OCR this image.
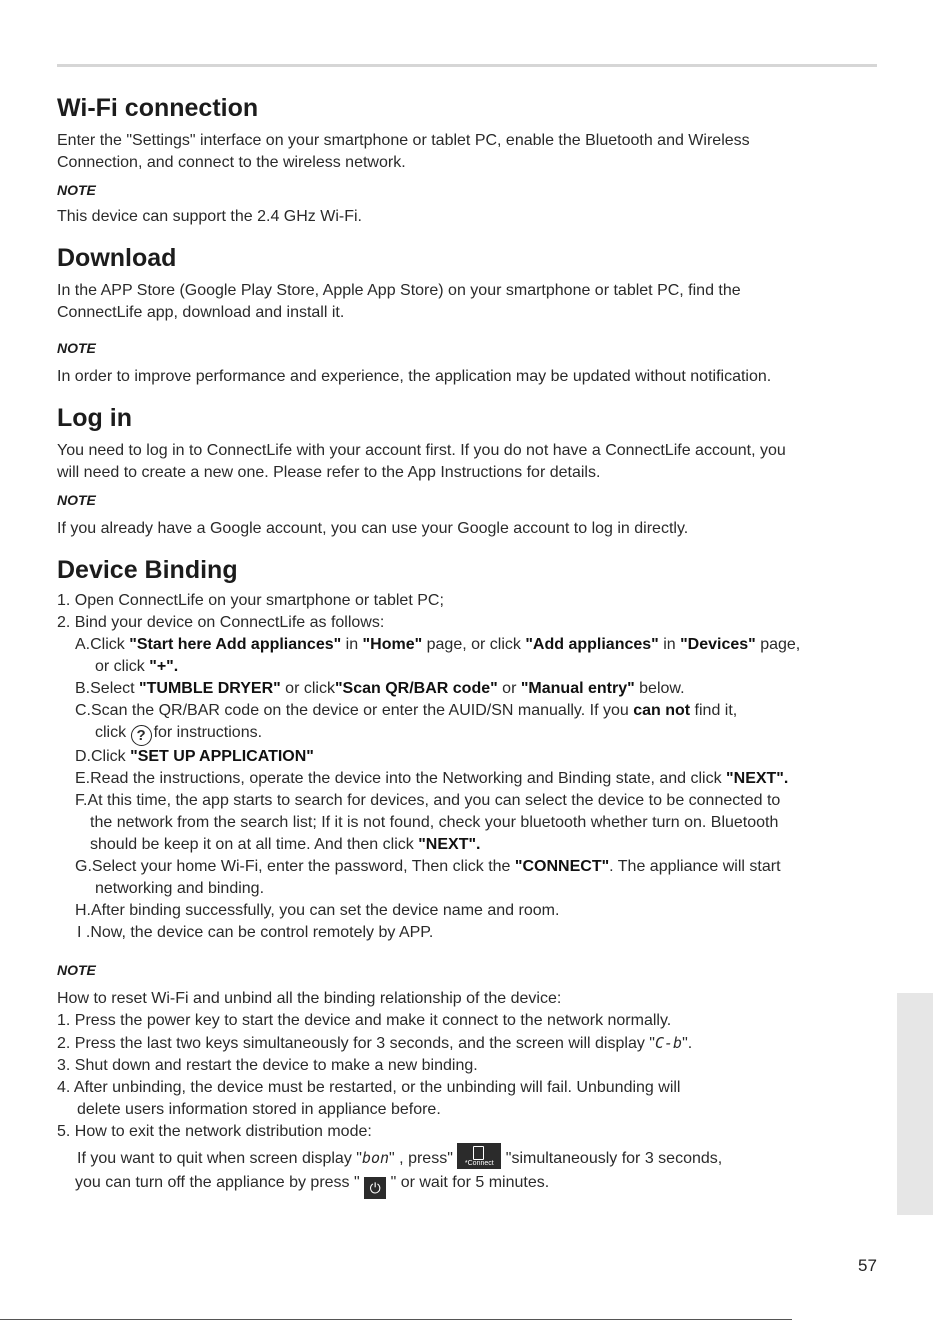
Wi-Fi connection

Enter the "Settings" interface on your smartphone or tablet PC, enable the Bluetooth and Wireless

Connection, and connect to the wireless network.

NOTE

This device can support the 2.4 GHz Wi-Fi.

Download

In the APP Store (Google Play Store, Apple App Store) on your smartphone or tablet PC, find the

ConnectLife app, download and install it.

NOTE

In order to improve performance and experience, the application may be updated without notification.

Log in

You need to log in to ConnectLife with your account first. If you do not have a ConnectLife account, you

will need to create a new one. Please refer to the App Instructions for details.

NOTE

If you already have a Google account, you can use your Google account to log in directly.

Device Binding

1. Open ConnectLife on your smartphone or tablet PC;

2. Bind your device on ConnectLife as follows:

A.Click "Start here Add appliances" in "Home" page, or click "Add appliances" in "Devices" page,

or click "+".

B.Select "TUMBLE DRYER" or click"Scan QR/BAR code" or "Manual entry" below.

C.Scan the QR/BAR code on the device or enter the AUID/SN manually. If you can not find it,

click ? for instructions.

D.Click "SET UP APPLICATION"

E.Read the instructions, operate the device into the Networking and Binding state, and click "NEXT".

F.At this time, the app starts to search for devices, and you can select the device to be connected to

the network from the search list; If it is not found, check your bluetooth whether turn on. Bluetooth

should be keep it on at all time. And then click "NEXT".

G.Select your home Wi-Fi, enter the password, Then click the "CONNECT". The appliance will start

networking and binding.

H.After binding successfully, you can set the device name and room.

I .Now, the device can be control remotely by APP.

NOTE

How to reset Wi-Fi and unbind all the binding relationship of the device:

1. Press the power key to start the device and make it connect to the network normally.

2. Press the last two keys simultaneously for 3 seconds, and the screen will display "C-b".

3. Shut down and restart the device to make a new binding.

4. After unbinding, the device must be restarted, or the unbinding will fail. Unbunding will

delete users information stored in appliance before.

5. How to exit the network distribution mode:

If you want to quit when screen display "bon" , press"	*Connect "simultaneously for 3 seconds,

you can turn off the appliance by press " ⏻ " or wait for 5 minutes.

57
